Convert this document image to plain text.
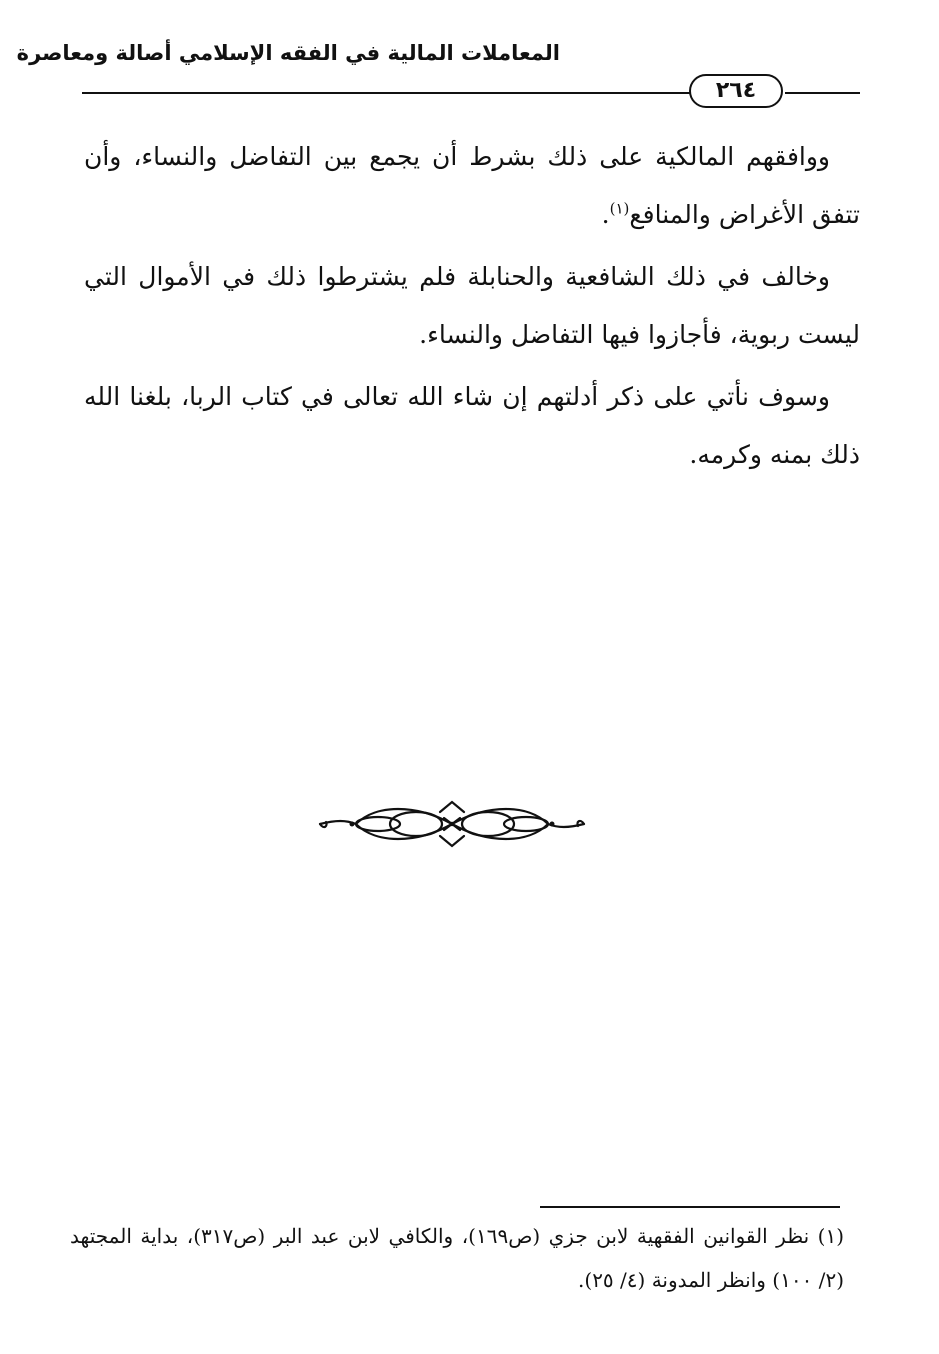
المعاملات المالية في الفقه الإسلامي أصالة ومعاصرة
٢٦٤

ووافقهم المالكية على ذلك بشرط أن يجمع بين التفاضل والنساء، وأن تتفق الأغراض والمنافع$^{(١)}$.

وخالف في ذلك الشافعية والحنابلة فلم يشترطوا ذلك في الأموال التي ليست ربوية، فأجازوا فيها التفاضل والنساء.

وسوف نأتي على ذكر أدلتهم إن شاء الله تعالى في كتاب الربا، بلغنا الله ذلك بمنه وكرمه.

(١) نظر القوانين الفقهية لابن جزي (ص١٦٩)، والكافي لابن عبد البر (ص٣١٧)، بداية المجتهد (٢/ ١٠٠) وانظر المدونة (٤/ ٢٥).
